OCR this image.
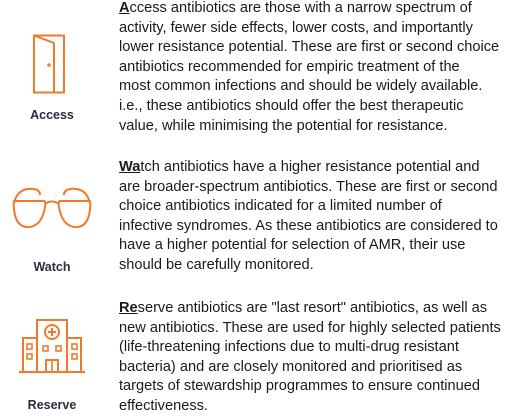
Access
Access antibiotics are those with a narrow spectrum of
activity, fewer side effects, lower costs, and importantly
lower resistance potential. These are first or second choice
antibiotics recommended for empiric treatment of the
most common infections and should be widely available.
i.e., these antibiotics should offer the best therapeutic
value, while minimising the potential for resistance.
Watch
Watch antibiotics have a higher resistance potential and
are broader-spectrum antibiotics. These are first or second
choice antibiotics indicated for a limited number of
infective syndromes. As these antibiotics are considered to
have a higher potential for selection of AMR, their use
should be carefully monitored.
Reserve
Reserve antibiotics are "last resort" antibiotics, as well as
new antibiotics. These are used for highly selected patients
(life-threatening infections due to multi-drug resistant
bacteria) and are closely monitored and prioritised as
targets of stewardship programmes to ensure continued
effectiveness.
